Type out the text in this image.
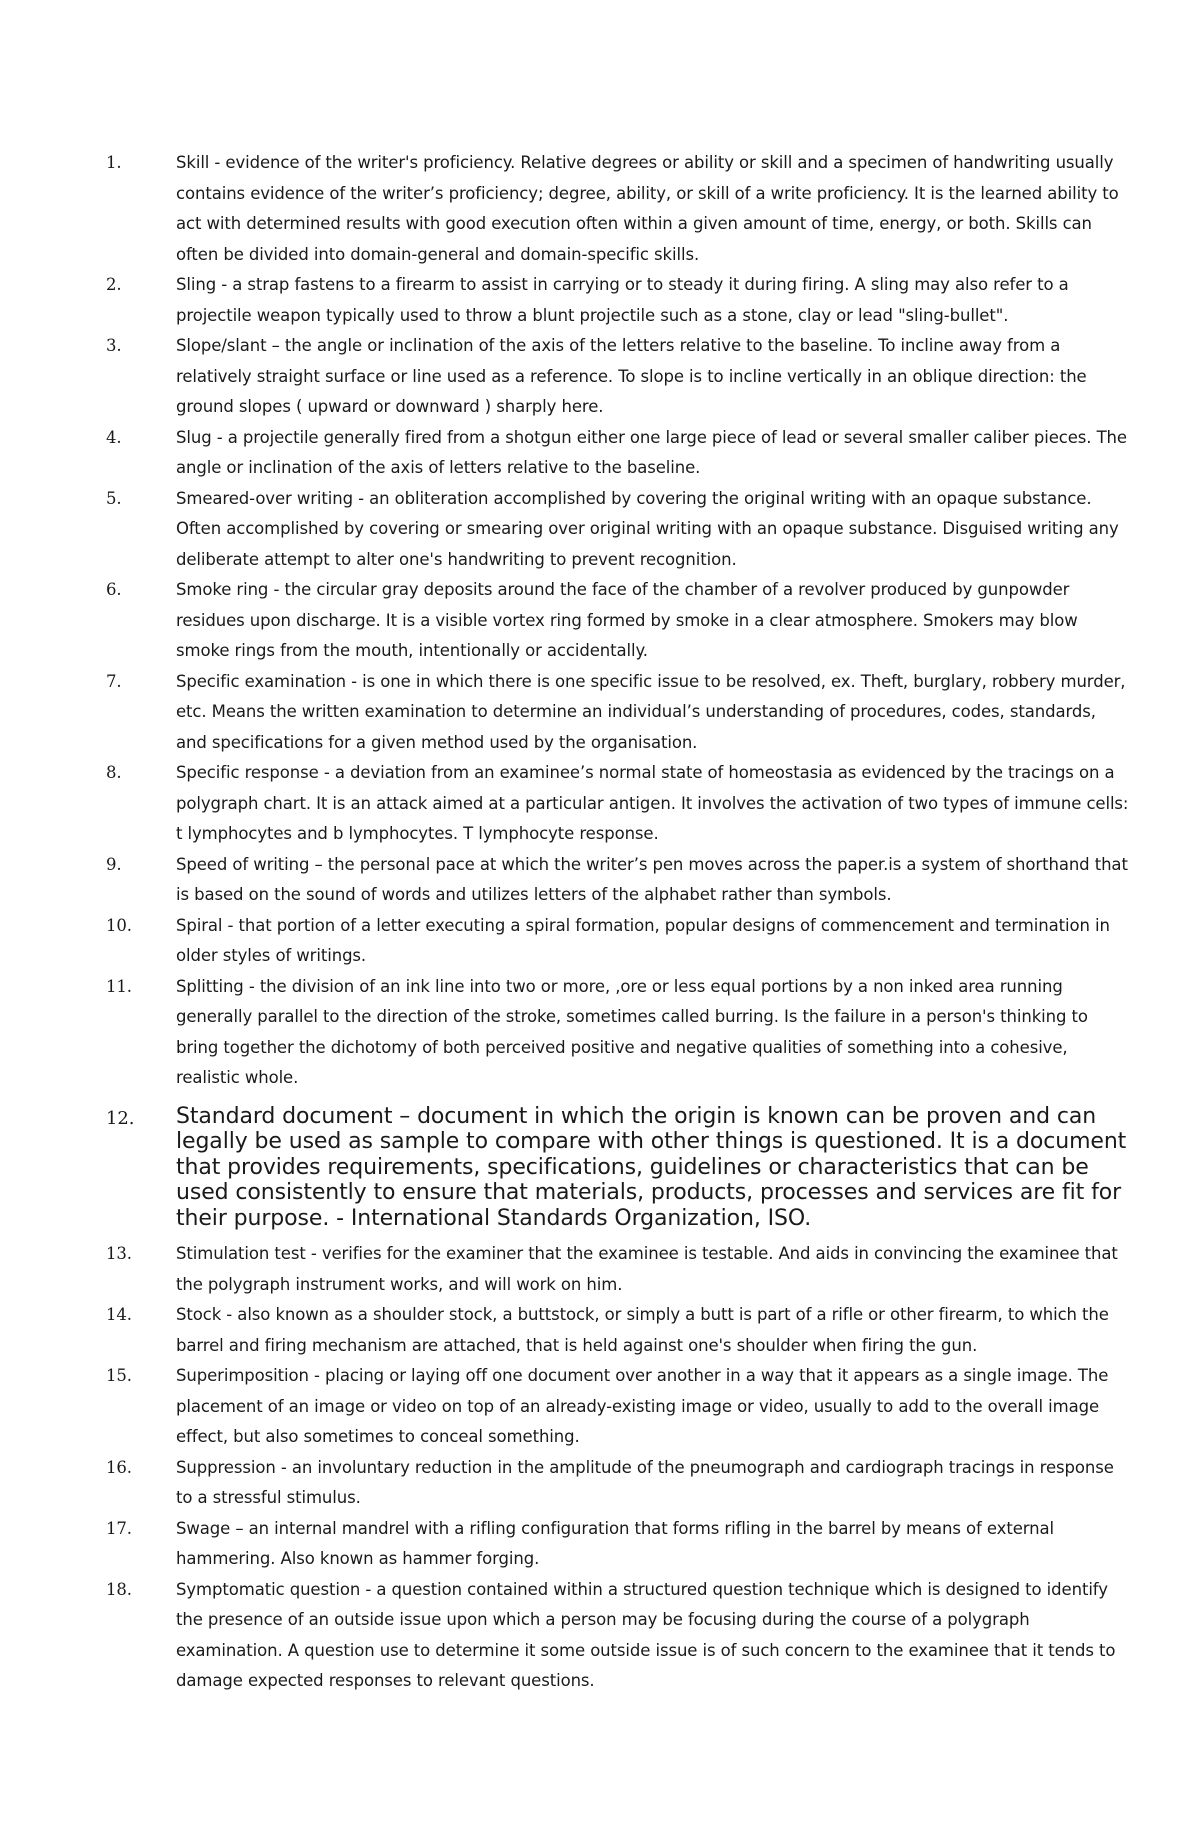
1.	Skill - evidence of the writer's proficiency. Relative degrees or ability or skill and a specimen of handwriting usually contains evidence of the writer’s proficiency; degree, ability, or skill of a write proficiency. It is the learned ability to act with determined results with good execution often within a given amount of time, energy, or both. Skills can often be divided into domain-general and domain-specific skills.
2.	Sling - a strap fastens to a firearm to assist in carrying or to steady it during firing. A sling may also refer to a projectile weapon typically used to throw a blunt projectile such as a stone, clay or lead "sling-bullet".
3.	Slope/slant – the angle or inclination of the axis of the letters relative to the baseline. To incline away from a relatively straight surface or line used as a reference. To slope is to incline vertically in an oblique direction: the ground slopes ( upward or downward ) sharply here.
4.	Slug - a projectile generally fired from a shotgun either one large piece of lead or several smaller caliber pieces. The angle or inclination of the axis of letters relative to the baseline.
5.	Smeared-over writing - an obliteration accomplished by covering the original writing with an opaque substance. Often accomplished by covering or smearing over original writing with an opaque substance. Disguised writing any deliberate attempt to alter one's handwriting to prevent recognition.
6.	Smoke ring - the circular gray deposits around the face of the chamber of a revolver produced by gunpowder residues upon discharge. It is a visible vortex ring formed by smoke in a clear atmosphere. Smokers may blow smoke rings from the mouth, intentionally or accidentally.
7.	Specific examination - is one in which there is one specific issue to be resolved, ex. Theft, burglary, robbery murder, etc. Means the written examination to determine an individual’s understanding of procedures, codes, standards, and specifications for a given method used by the organisation.
8.	Specific response - a deviation from an examinee’s normal state of homeostasia as evidenced by the tracings on a polygraph chart. It is an attack aimed at a particular antigen. It involves the activation of two types of immune cells: t lymphocytes and b lymphocytes. T lymphocyte response.
9.	Speed of writing – the personal pace at which the writer’s pen moves across the paper.is a system of shorthand that is based on the sound of words and utilizes letters of the alphabet rather than symbols.
10.	Spiral - that portion of a letter executing a spiral formation, popular designs of commencement and termination in older styles of writings.
11.	Splitting - the division of an ink line into two or more, ,ore or less equal portions by a non inked area running generally parallel to the direction of the stroke, sometimes called burring. Is the failure in a person's thinking to bring together the dichotomy of both perceived positive and negative qualities of something into a cohesive, realistic whole.
12. Standard document – document in which the origin is known can be proven and can legally be used as sample to compare with other things is questioned. It is a document that provides requirements, specifications, guidelines or characteristics that can be used consistently to ensure that materials, products, processes and services are fit for their purpose. - International Standards Organization, ISO.
13.	Stimulation test - verifies for the examiner that the examinee is testable. And aids in convincing the examinee that the polygraph instrument works, and will work on him.
14.	Stock - also known as a shoulder stock, a buttstock, or simply a butt is part of a rifle or other firearm, to which the barrel and firing mechanism are attached, that is held against one's shoulder when firing the gun.
15.	Superimposition - placing or laying off one document over another in a way that it appears as a single image. The placement of an image or video on top of an already-existing image or video, usually to add to the overall image effect, but also sometimes to conceal something.
16.	Suppression - an involuntary reduction in the amplitude of the pneumograph and cardiograph tracings in response to a stressful stimulus.
17.	Swage – an internal mandrel with a rifling configuration that forms rifling in the barrel by means of external hammering. Also known as hammer forging.
18.	Symptomatic question - a question contained within a structured question technique which is designed to identify the presence of an outside issue upon which a person may be focusing during the course of a polygraph examination. A question use to determine it some outside issue is of such concern to the examinee that it tends to damage expected responses to relevant questions.
